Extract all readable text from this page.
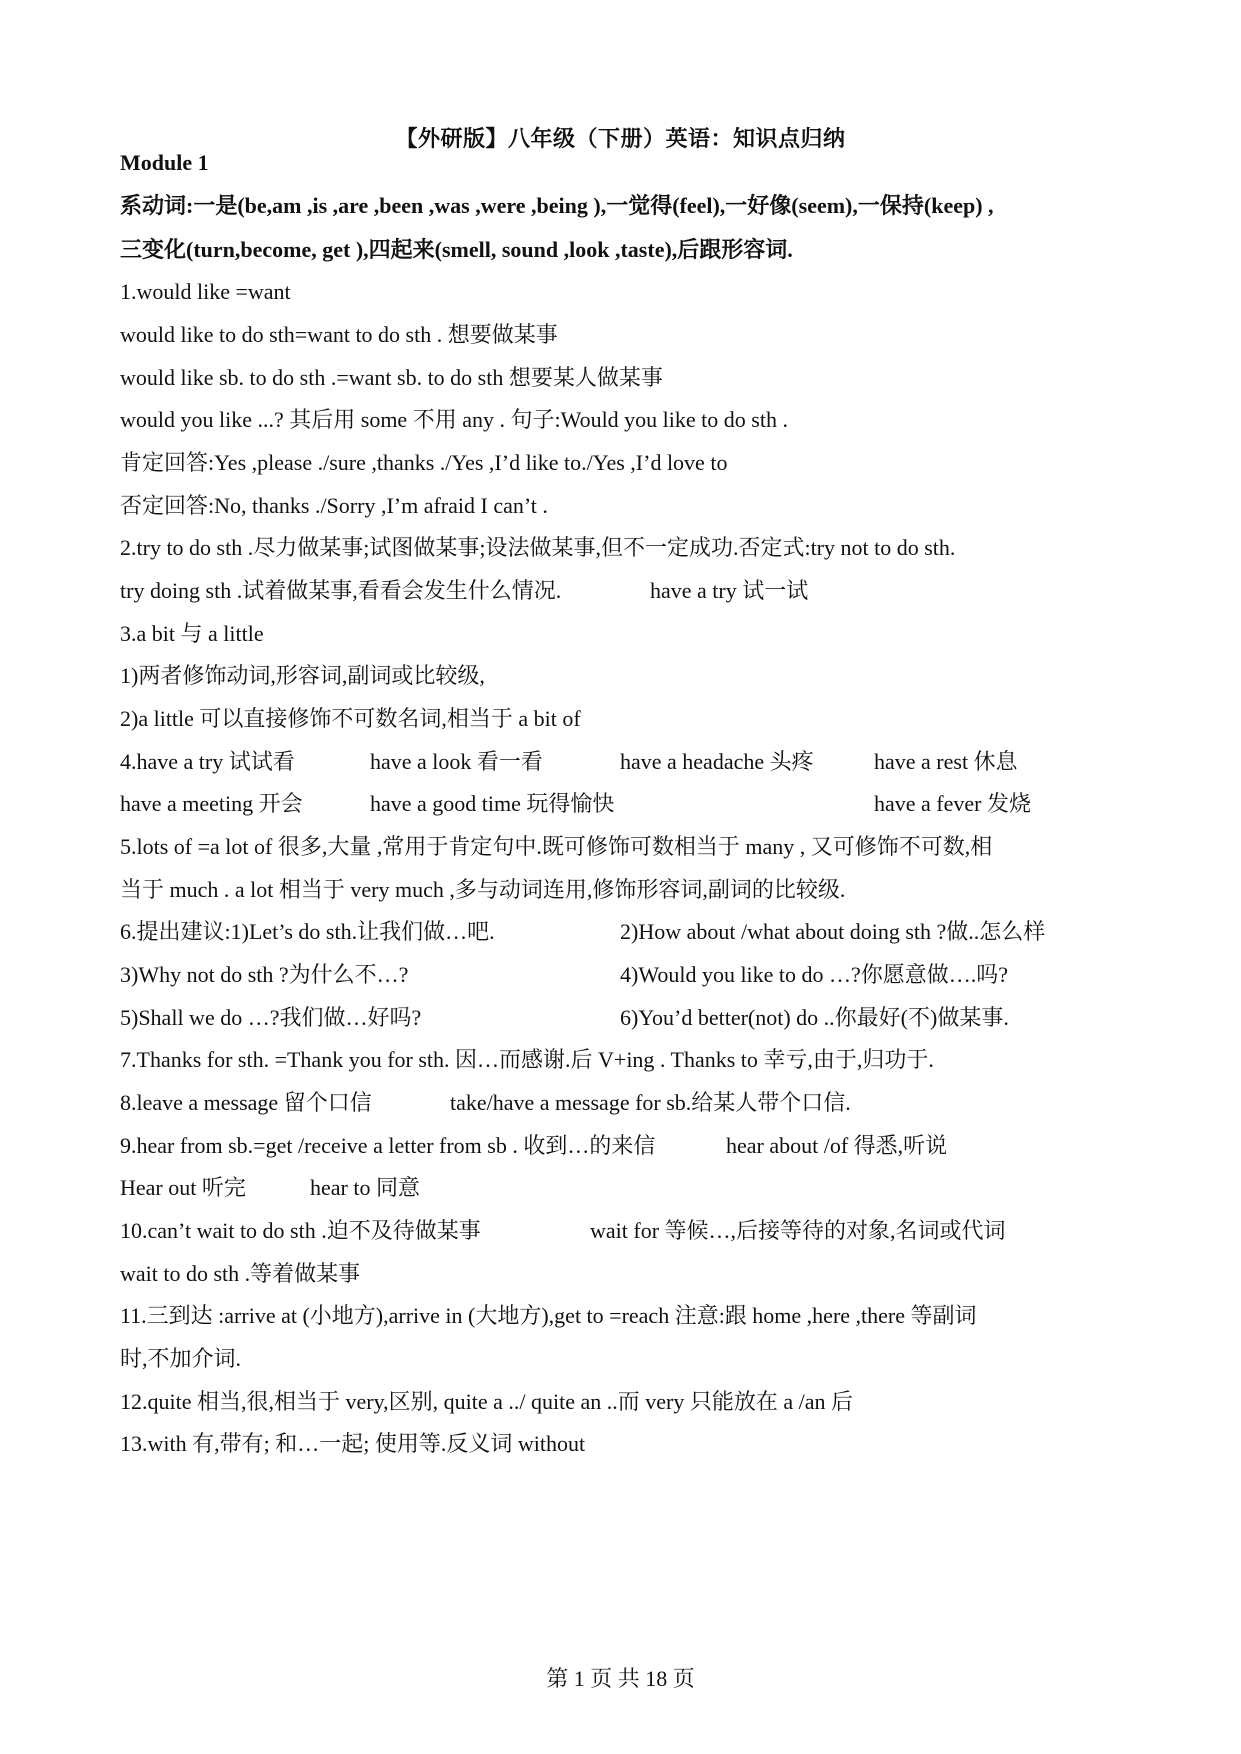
【外研版】八年级（下册）英语：知识点归纳
Module 1
系动词:一是(be,am ,is ,are ,been ,was ,were ,being ),一觉得(feel),一好像(seem),一保持(keep) ,
三变化(turn,become, get ),四起来(smell, sound ,look ,taste),后跟形容词.
1.would like =want
would like to do sth=want to do sth . 想要做某事
would like sb. to do sth .=want sb. to do sth 想要某人做某事
would you like ...? 其后用 some 不用 any . 句子:Would you like to do sth .
肯定回答:Yes ,please ./sure ,thanks ./Yes ,I’d like to./Yes ,I’d love to
否定回答:No, thanks ./Sorry ,I’m afraid I can’t .
2.try to do sth .尽力做某事;试图做某事;设法做某事,但不一定成功.否定式:try not to do sth.
try doing sth .试着做某事,看看会发生什么情况.	have a try 试一试
3.a bit 与 a little
1)两者修饰动词,形容词,副词或比较级,
2)a little 可以直接修饰不可数名词,相当于 a bit of
4.have a try 试试看	have a look 看一看	have a headache 头疼	have a rest 休息
have a meeting 开会	have a good time 玩得愉快	have a fever 发烧
5.lots of =a lot of 很多,大量 ,常用于肯定句中.既可修饰可数相当于 many , 又可修饰不可数,相
当于 much . a lot 相当于 very much ,多与动词连用,修饰形容词,副词的比较级.
6.提出建议:1)Let’s do sth.让我们做…吧.	2)How about /what about doing sth ?做..怎么样
3)Why not do sth ?为什么不…?	4)Would you like to do …?你愿意做….吗?
5)Shall we do …?我们做…好吗?	6)You’d better(not) do ..你最好(不)做某事.
7.Thanks for sth. =Thank you for sth. 因…而感谢.后 V+ing . Thanks to 幸亏,由于,归功于.
8.leave a message 留个口信	take/have a message for sb.给某人带个口信.
9.hear from sb.=get /receive a letter from sb . 收到…的来信	hear about /of 得悉,听说
Hear out 听完	hear to 同意
10.can’t wait to do sth .迫不及待做某事	wait for 等候…,后接等待的对象,名词或代词
wait to do sth .等着做某事
11.三到达 :arrive at (小地方),arrive in (大地方),get to =reach 注意:跟 home ,here ,there 等副词
时,不加介词.
12.quite 相当,很,相当于 very,区别, quite a ../ quite an ..而 very 只能放在 a /an 后
13.with 有,带有; 和…一起; 使用等.反义词 without
第 1 页 共 18 页
